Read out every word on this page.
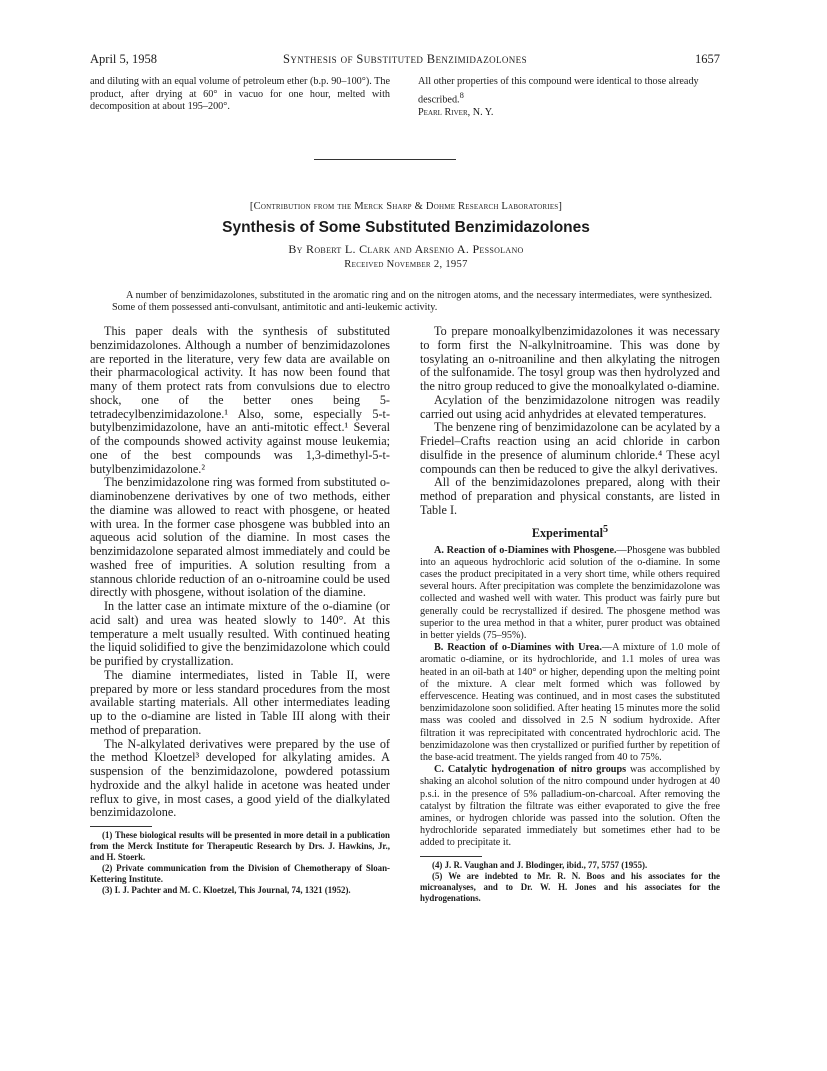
April 5, 1958	Synthesis of Substituted Benzimidazolones	1657
and diluting with an equal volume of petroleum ether (b.p. 90–100°). The product, after drying at 60° in vacuo for one hour, melted with decomposition at about 195–200°.
All other properties of this compound were identical to those already described.$^8$
Pearl River, N. Y.
[Contribution from the Merck Sharp & Dohme Research Laboratories]
Synthesis of Some Substituted Benzimidazolones
By Robert L. Clark and Arsenio A. Pessolano
Received November 2, 1957
A number of benzimidazolones, substituted in the aromatic ring and on the nitrogen atoms, and the necessary intermediates, were synthesized. Some of them possessed anti-convulsant, antimitotic and anti-leukemic activity.

This paper deals with the synthesis of substituted benzimidazolones. Although a number of benzimidazolones are reported in the literature, very few data are available on their pharmacological activity. It has now been found that many of them protect rats from convulsions due to electro shock, one of the better ones being 5-tetradecylbenzimidazolone.¹ Also, some, especially 5-t-butylbenzimidazolone, have an anti-mitotic effect.¹ Several of the compounds showed activity against mouse leukemia; one of the best compounds was 1,3-dimethyl-5-t-butylbenzimidazolone.²

The benzimidazolone ring was formed from substituted o-diaminobenzene derivatives by one of two methods, either the diamine was allowed to react with phosgene, or heated with urea. In the former case phosgene was bubbled into an aqueous acid solution of the diamine. In most cases the benzimidazolone separated almost immediately and could be washed free of impurities. A solution resulting from a stannous chloride reduction of an o-nitroamine could be used directly with phosgene, without isolation of the diamine.

In the latter case an intimate mixture of the o-diamine (or acid salt) and urea was heated slowly to 140°. At this temperature a melt usually resulted. With continued heating the liquid solidified to give the benzimidazolone which could be purified by crystallization.

The diamine intermediates, listed in Table II, were prepared by more or less standard procedures from the most available starting materials. All other intermediates leading up to the o-diamine are listed in Table III along with their method of preparation.

The N-alkylated derivatives were prepared by the use of the method Kloetzel³ developed for alkylating amides. A suspension of the benzimidazolone, powdered potassium hydroxide and the alkyl halide in acetone was heated under reflux to give, in most cases, a good yield of the dialkylated benzimidazolone.

(1) These biological results will be presented in more detail in a publication from the Merck Institute for Therapeutic Research by Drs. J. Hawkins, Jr., and H. Stoerk.

(2) Private communication from the Division of Chemotherapy of Sloan-Kettering Institute.

(3) I. J. Pachter and M. C. Kloetzel, This Journal, 74, 1321 (1952).

To prepare monoalkylbenzimidazolones it was necessary to form first the N-alkylnitroamine. This was done by tosylating an o-nitroaniline and then alkylating the nitrogen of the sulfonamide. The tosyl group was then hydrolyzed and the nitro group reduced to give the monoalkylated o-diamine.

Acylation of the benzimidazolone nitrogen was readily carried out using acid anhydrides at elevated temperatures.

The benzene ring of benzimidazolone can be acylated by a Friedel–Crafts reaction using an acid chloride in carbon disulfide in the presence of aluminum chloride.⁴ These acyl compounds can then be reduced to give the alkyl derivatives.

All of the benzimidazolones prepared, along with their method of preparation and physical constants, are listed in Table I.

Experimental$^5$

A. Reaction of o-Diamines with Phosgene.—Phosgene was bubbled into an aqueous hydrochloric acid solution of the o-diamine. In some cases the product precipitated in a very short time, while others required several hours. After precipitation was complete the benzimidazolone was collected and washed well with water. This product was fairly pure but generally could be recrystallized if desired. The phosgene method was superior to the urea method in that a whiter, purer product was obtained in better yields (75–95%).

B. Reaction of o-Diamines with Urea.—A mixture of 1.0 mole of aromatic o-diamine, or its hydrochloride, and 1.1 moles of urea was heated in an oil-bath at 140° or higher, depending upon the melting point of the mixture. A clear melt formed which was followed by effervescence. Heating was continued, and in most cases the substituted benzimidazolone soon solidified. After heating 15 minutes more the solid mass was cooled and dissolved in 2.5 N sodium hydroxide. After filtration it was reprecipitated with concentrated hydrochloric acid. The benzimidazolone was then crystallized or purified further by repetition of the base-acid treatment. The yields ranged from 40 to 75%.

C. Catalytic hydrogenation of nitro groups was accomplished by shaking an alcohol solution of the nitro compound under hydrogen at 40 p.s.i. in the presence of 5% palladium-on-charcoal. After removing the catalyst by filtration the filtrate was either evaporated to give the free amines, or hydrogen chloride was passed into the solution. Often the hydrochloride separated immediately but sometimes ether had to be added to precipitate it.

(4) J. R. Vaughan and J. Blodinger, ibid., 77, 5757 (1955).

(5) We are indebted to Mr. R. N. Boos and his associates for the microanalyses, and to Dr. W. H. Jones and his associates for the hydrogenations.
